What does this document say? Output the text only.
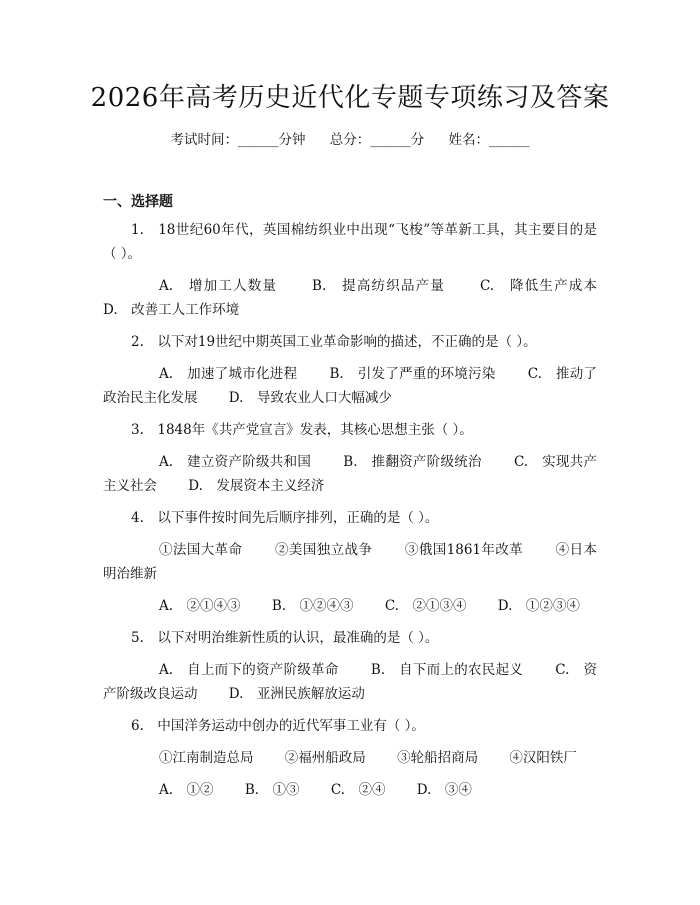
2026年高考历史近代化专题专项练习及答案
考试时间：______分钟 总分：______分 姓名：______
一、选择题

1.　18世纪60年代，英国棉纺织业中出现“飞梭”等革新工具，其主要目的是（ ）。

A.　增加工人数量　　 B.　提高纺织品产量　　 C.　降低生产成本　　 D.　改善工人工作环境

2.　以下对19世纪中期英国工业革命影响的描述，不正确的是（ ）。

A.　加速了城市化进程　　 B.　引发了严重的环境污染　　 C.　推动了政治民主化发展　　 D.　导致农业人口大幅减少

3.　1848年《共产党宣言》发表，其核心思想主张（ ）。

A.　建立资产阶级共和国　　 B.　推翻资产阶级统治　　 C.　实现共产主义社会　　 D.　发展资本主义经济

4.　以下事件按时间先后顺序排列，正确的是（ ）。

①法国大革命　　 ②美国独立战争　　 ③俄国1861年改革　　 ④日本明治维新

A.　②①④③　　 B.　①②④③　　 C.　②①③④　　 D.　①②③④

5.　以下对明治维新性质的认识，最准确的是（ ）。

A.　自上而下的资产阶级革命　　 B.　自下而上的农民起义　　 C.　资产阶级改良运动　　 D.　亚洲民族解放运动

6.　中国洋务运动中创办的近代军事工业有（ ）。

①江南制造总局　　 ②福州船政局　　 ③轮船招商局　　 ④汉阳铁厂

A.　①②　　 B.　①③　　 C.　②④　　 D.　③④
